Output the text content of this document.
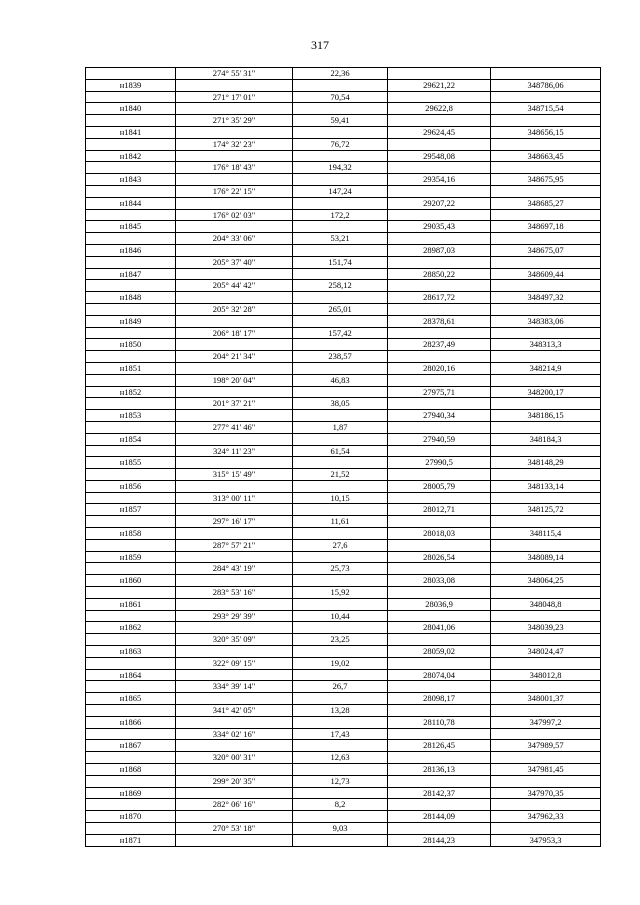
317
	274° 55' 31"	22,36		
н1839			29621,22	348786,06
	271° 17' 01"	70,54		
н1840			29622,8	348715,54
	271° 35' 29"	59,41		
н1841			29624,45	348656,15
	174° 32' 23"	76,72		
н1842			29548,08	348663,45
	176° 18' 43"	194,32		
н1843			29354,16	348675,95
	176° 22' 15"	147,24		
н1844			29207,22	348685,27
	176° 02' 03"	172,2		
н1845			29035,43	348697,18
	204° 33' 06"	53,21		
н1846			28987,03	348675,07
	205° 37' 40"	151,74		
н1847			28850,22	348609,44
	205° 44' 42"	258,12		
н1848			28617,72	348497,32
	205° 32' 28"	265,01		
н1849			28378,61	348383,06
	206° 18' 17"	157,42		
н1850			28237,49	348313,3
	204° 21' 34"	238,57		
н1851			28020,16	348214,9
	198° 20' 04"	46,83		
н1852			27975,71	348200,17
	201° 37' 21"	38,05		
н1853			27940,34	348186,15
	277° 41' 46"	1,87		
н1854			27940,59	348184,3
	324° 11' 23"	61,54		
н1855			27990,5	348148,29
	315° 15' 49"	21,52		
н1856			28005,79	348133,14
	313° 00' 11"	10,15		
н1857			28012,71	348125,72
	297° 16' 17"	11,61		
н1858			28018,03	348115,4
	287° 57' 21"	27,6		
н1859			28026,54	348089,14
	284° 43' 19"	25,73		
н1860			28033,08	348064,25
	283° 53' 16"	15,92		
н1861			28036,9	348048,8
	293° 29' 39"	10,44		
н1862			28041,06	348039,23
	320° 35' 09"	23,25		
н1863			28059,02	348024,47
	322° 09' 15"	19,02		
н1864			28074,04	348012,8
	334° 39' 14"	26,7		
н1865			28098,17	348001,37
	341° 42' 05"	13,28		
н1866			28110,78	347997,2
	334° 02' 16"	17,43		
н1867			28126,45	347989,57
	320° 00' 31"	12,63		
н1868			28136,13	347981,45
	299° 20' 35"	12,73		
н1869			28142,37	347970,35
	282° 06' 16"	8,2		
н1870			28144,09	347962,33
	270° 53' 18"	9,03		
н1871			28144,23	347953,3
